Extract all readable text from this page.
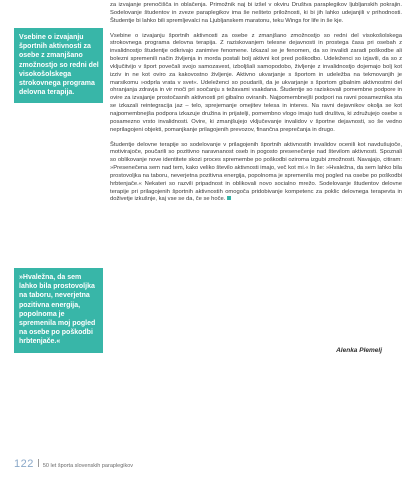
Vsebine o izvajanju športnih aktivnosti za osebe z zmanjšano zmožnostjo so redni del visokošolskega strokovnega programa delovna terapija.
»Hvaležna, da sem lahko bila prostovoljka na taboru, neverjetna pozitivna energija, popolnoma je spremenila moj pogled na osebe po poškodbi hrbtenjače.«

za izvajanje prenočišča in oblačenja. Primožnik naj bi izšel v okviru Društva paraplegikov ljubljanskih pokrajin. Sodelovanje študentov in zveze paraplegikov ima še nešteto priložnosti, ki bi jih lahko udejanjili v prihodnosti. Študentje bi lahko bili spremljevalci na Ljubljanskem maratonu, teku Wings for life in še kje.

Vsebine o izvajanju športnih aktivnosti za osebe z zmanjšano zmožnostjo so redni del visokošolskega strokovnega programa delovna terapija. Z raziskovanjem telesne dejavnosti in prostega časa pri osebah z invalidnostjo študentje odkrivajo zanimive fenomene. Izkazal se je fenomen, da so invalidi zaradi poškodbe ali bolezni spremenili način življenja in morda postali bolj aktivni kot pred poškodbo. Udeleženci so izjavili, da so z vključitvijo v šport povečali svojo samozavest, izboljšali samopodobo, življenje z invalidnostjo dojemajo bolj kot izziv in ne kot oviro za kakovostno življenje. Aktivno ukvarjanje s športom in udeležba na tekmovanjih je marsikomu »odprla vrata v svet«. Udeleženci so poudarili, da je ukvarjanje s športom gibalnim aktivnostmi del ohranjanja zdravja in vir moči pri soočanju s težavami vsakdana. Študentje so raziskovali pomembne podpore in ovire za izvajanje prostočasnih aktivnosti pri gibalno oviranih. Najpomembnejši podpori na ravni posameznika sta se izkazali reintegracija jaz – telo, sprejemanje omejitev telesa in interes. Na ravni dejavnikov okolja se kot najpomembnejša podpora izkazuje družina in prijatelji, pomembno vlogo imajo tudi društva, ki združujejo osebe s posamezno vrsto invalidnosti. Ovire, ki zmanjšujejo vključevanje invalidov v športne dejavnosti, so še vedno neprilagojeni objekti, pomanjkanje prilagojenih prevozov, finančna preprečanja in drugo.

Študentje delovne terapije so sodelovanje v prilagojenih športnih aktivnostih invalidov ocenili kot navdušujoče, motivirajoče, poučarili so pozitivno naravnanost oseb in pogosto presenečenje nad številom aktivnosti. Spoznali so oblikovanje nove identitete skozi proces spremembe po poškodbi oziroma izgubi zmožnosti. Navajajo, citiram: »Presenečena sem nad tem, kako veliko število aktivnosti imajo, več kot mi.« In še: »Hvaležna, da sem lahko bila prostovoljka na taboru, neverjetna pozitivna energija, popolnoma je spremenila moj pogled na osebe po poškodbi hrbtenjače.« Nekateri so razvili pripadnost in oblikovali novo socialno mrežo. Sodelovanje študentov delovne terapije pri prilagojenih športnih aktivnostih omogoča pridobivanje kompetenc za pokliс delovnega terapevta in doživetje izkušnje, kaj vse se da, če se hoče.

Alenka Plemelj
122 50 let športa slovenskih paraplegikov
